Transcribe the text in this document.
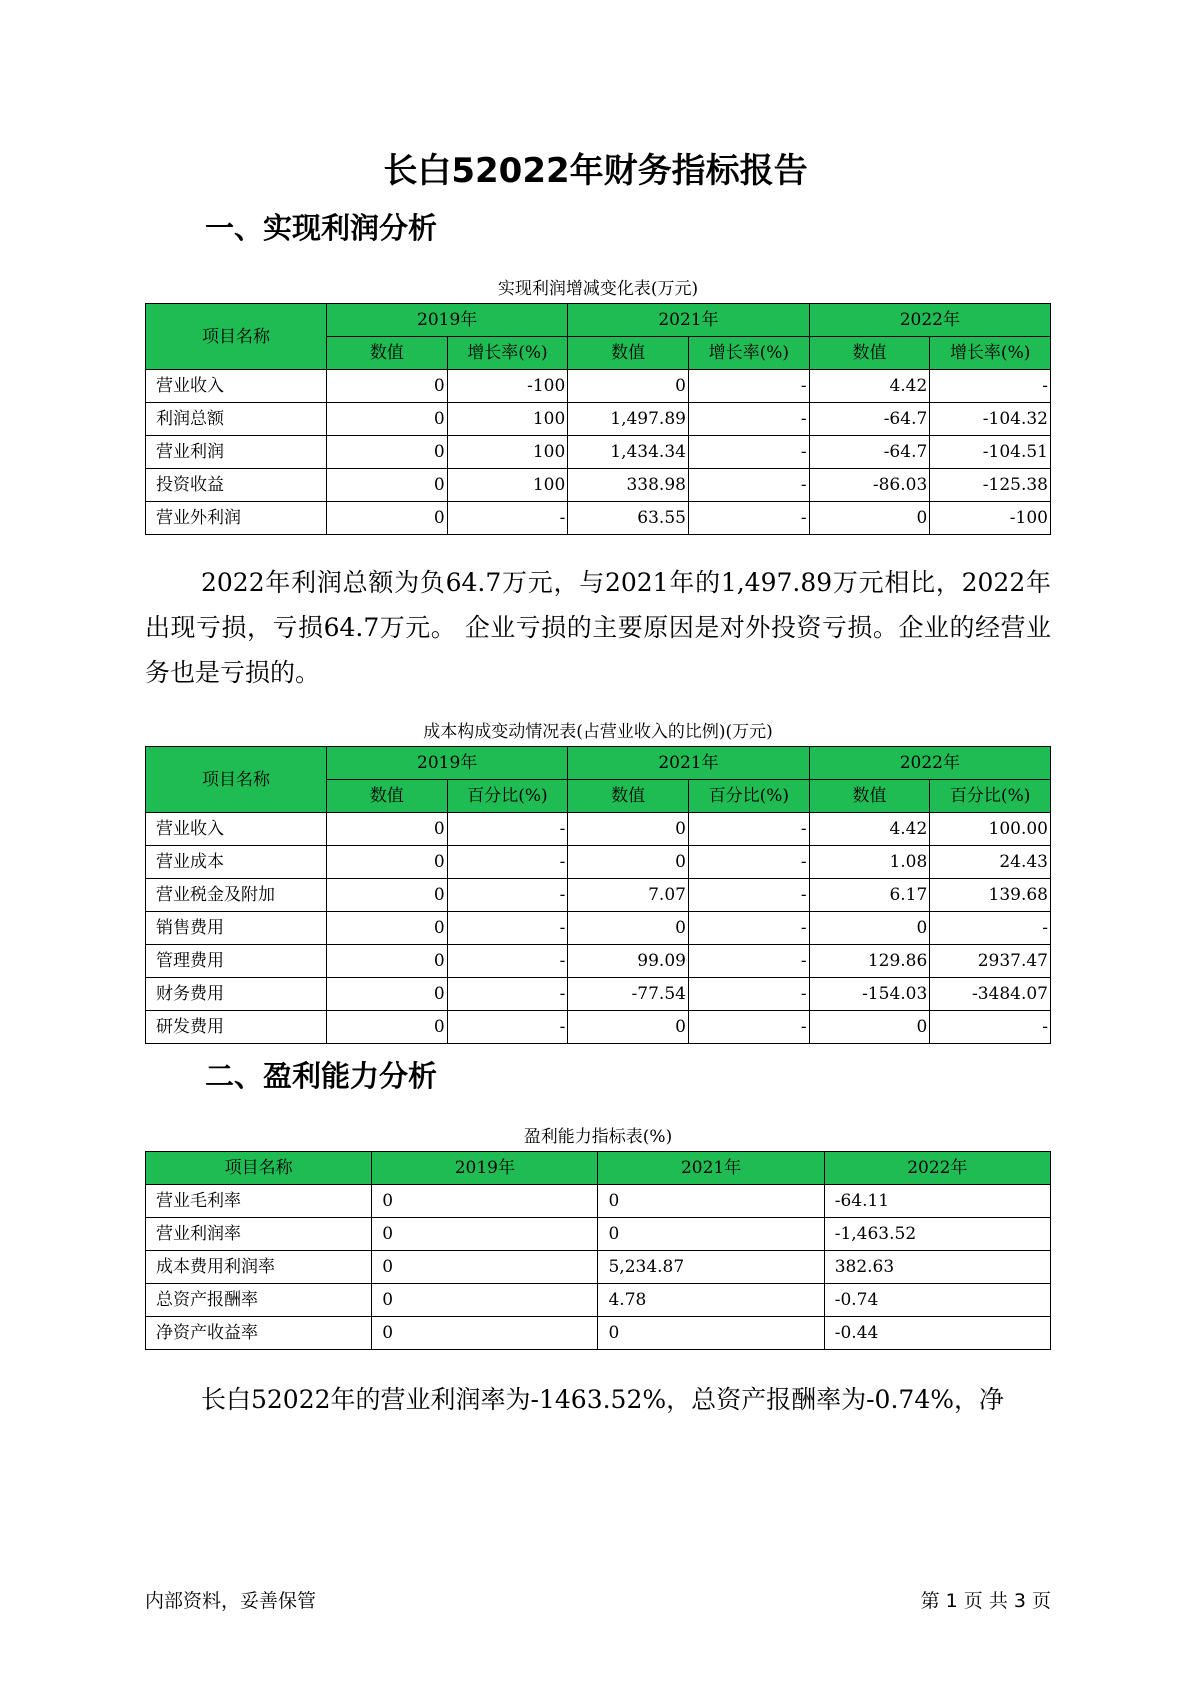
长白52022年财务指标报告
一、实现利润分析
实现利润增减变化表(万元)
项目名称	2019年		2021年		2022年	
	数值	增长率(%)	数值	增长率(%)	数值	增长率(%)
营业收入	0	-100	0	-	4.42	-
利润总额	0	100	1,497.89	-	-64.7	-104.32
营业利润	0	100	1,434.34	-	-64.7	-104.51
投资收益	0	100	338.98	-	-86.03	-125.38
营业外利润	0	-	63.55	-	0	-100
2022年利润总额为负64.7万元，与2021年的1,497.89万元相比，2022年出现亏损，亏损64.7万元。 企业亏损的主要原因是对外投资亏损。企业的经营业务也是亏损的。
成本构成变动情况表(占营业收入的比例)(万元)
项目名称	2019年		2021年		2022年	
	数值	百分比(%)	数值	百分比(%)	数值	百分比(%)
营业收入	0	-	0	-	4.42	100.00
营业成本	0	-	0	-	1.08	24.43
营业税金及附加	0	-	7.07	-	6.17	139.68
销售费用	0	-	0	-	0	-
管理费用	0	-	99.09	-	129.86	2937.47
财务费用	0	-	-77.54	-	-154.03	-3484.07
研发费用	0	-	0	-	0	-
二、盈利能力分析
盈利能力指标表(%)
项目名称	2019年	2021年	2022年
营业毛利率	0	0	-64.11
营业利润率	0	0	-1,463.52
成本费用利润率	0	5,234.87	382.63
总资产报酬率	0	4.78	-0.74
净资产收益率	0	0	-0.44
长白52022年的营业利润率为-1463.52%，总资产报酬率为-0.74%，净
内部资料，妥善保管	第 1 页 共 3 页
